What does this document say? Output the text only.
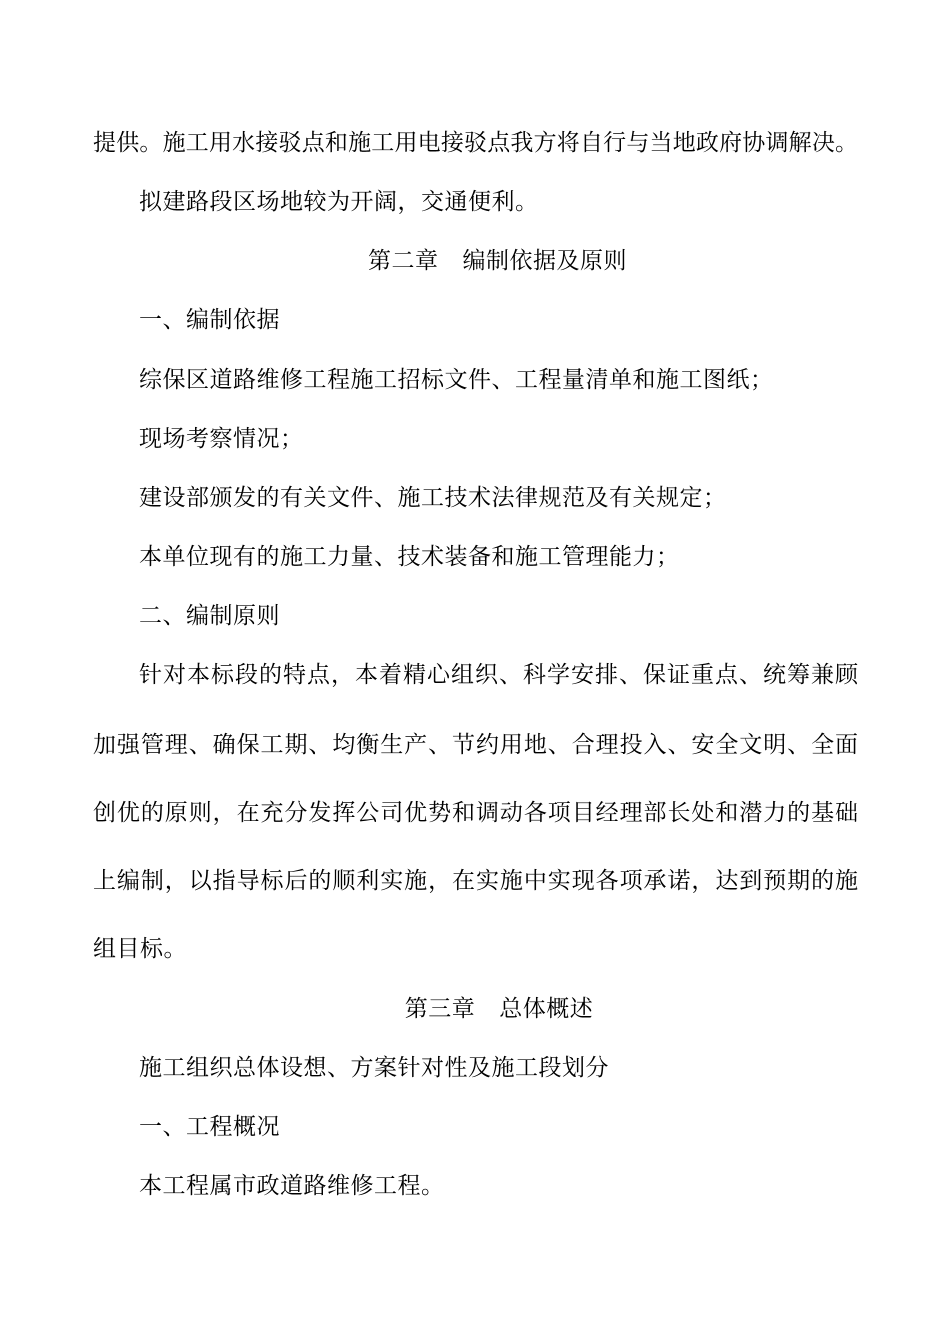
提供。施工用水接驳点和施工用电接驳点我方将自行与当地政府协调解决。
拟建路段区场地较为开阔，交通便利。
第二章 编制依据及原则
一、编制依据
综保区道路维修工程施工招标文件、工程量清单和施工图纸；
现场考察情况；
建设部颁发的有关文件、施工技术法律规范及有关规定；
本单位现有的施工力量、技术装备和施工管理能力；
二、编制原则
针对本标段的特点，本着精心组织、科学安排、保证重点、统筹兼顾
加强管理、确保工期、均衡生产、节约用地、合理投入、安全文明、全面
创优的原则，在充分发挥公司优势和调动各项目经理部长处和潜力的基础
上编制，以指导标后的顺利实施，在实施中实现各项承诺，达到预期的施
组目标。
第三章 总体概述
施工组织总体设想、方案针对性及施工段划分
一、工程概况
本工程属市政道路维修工程。
